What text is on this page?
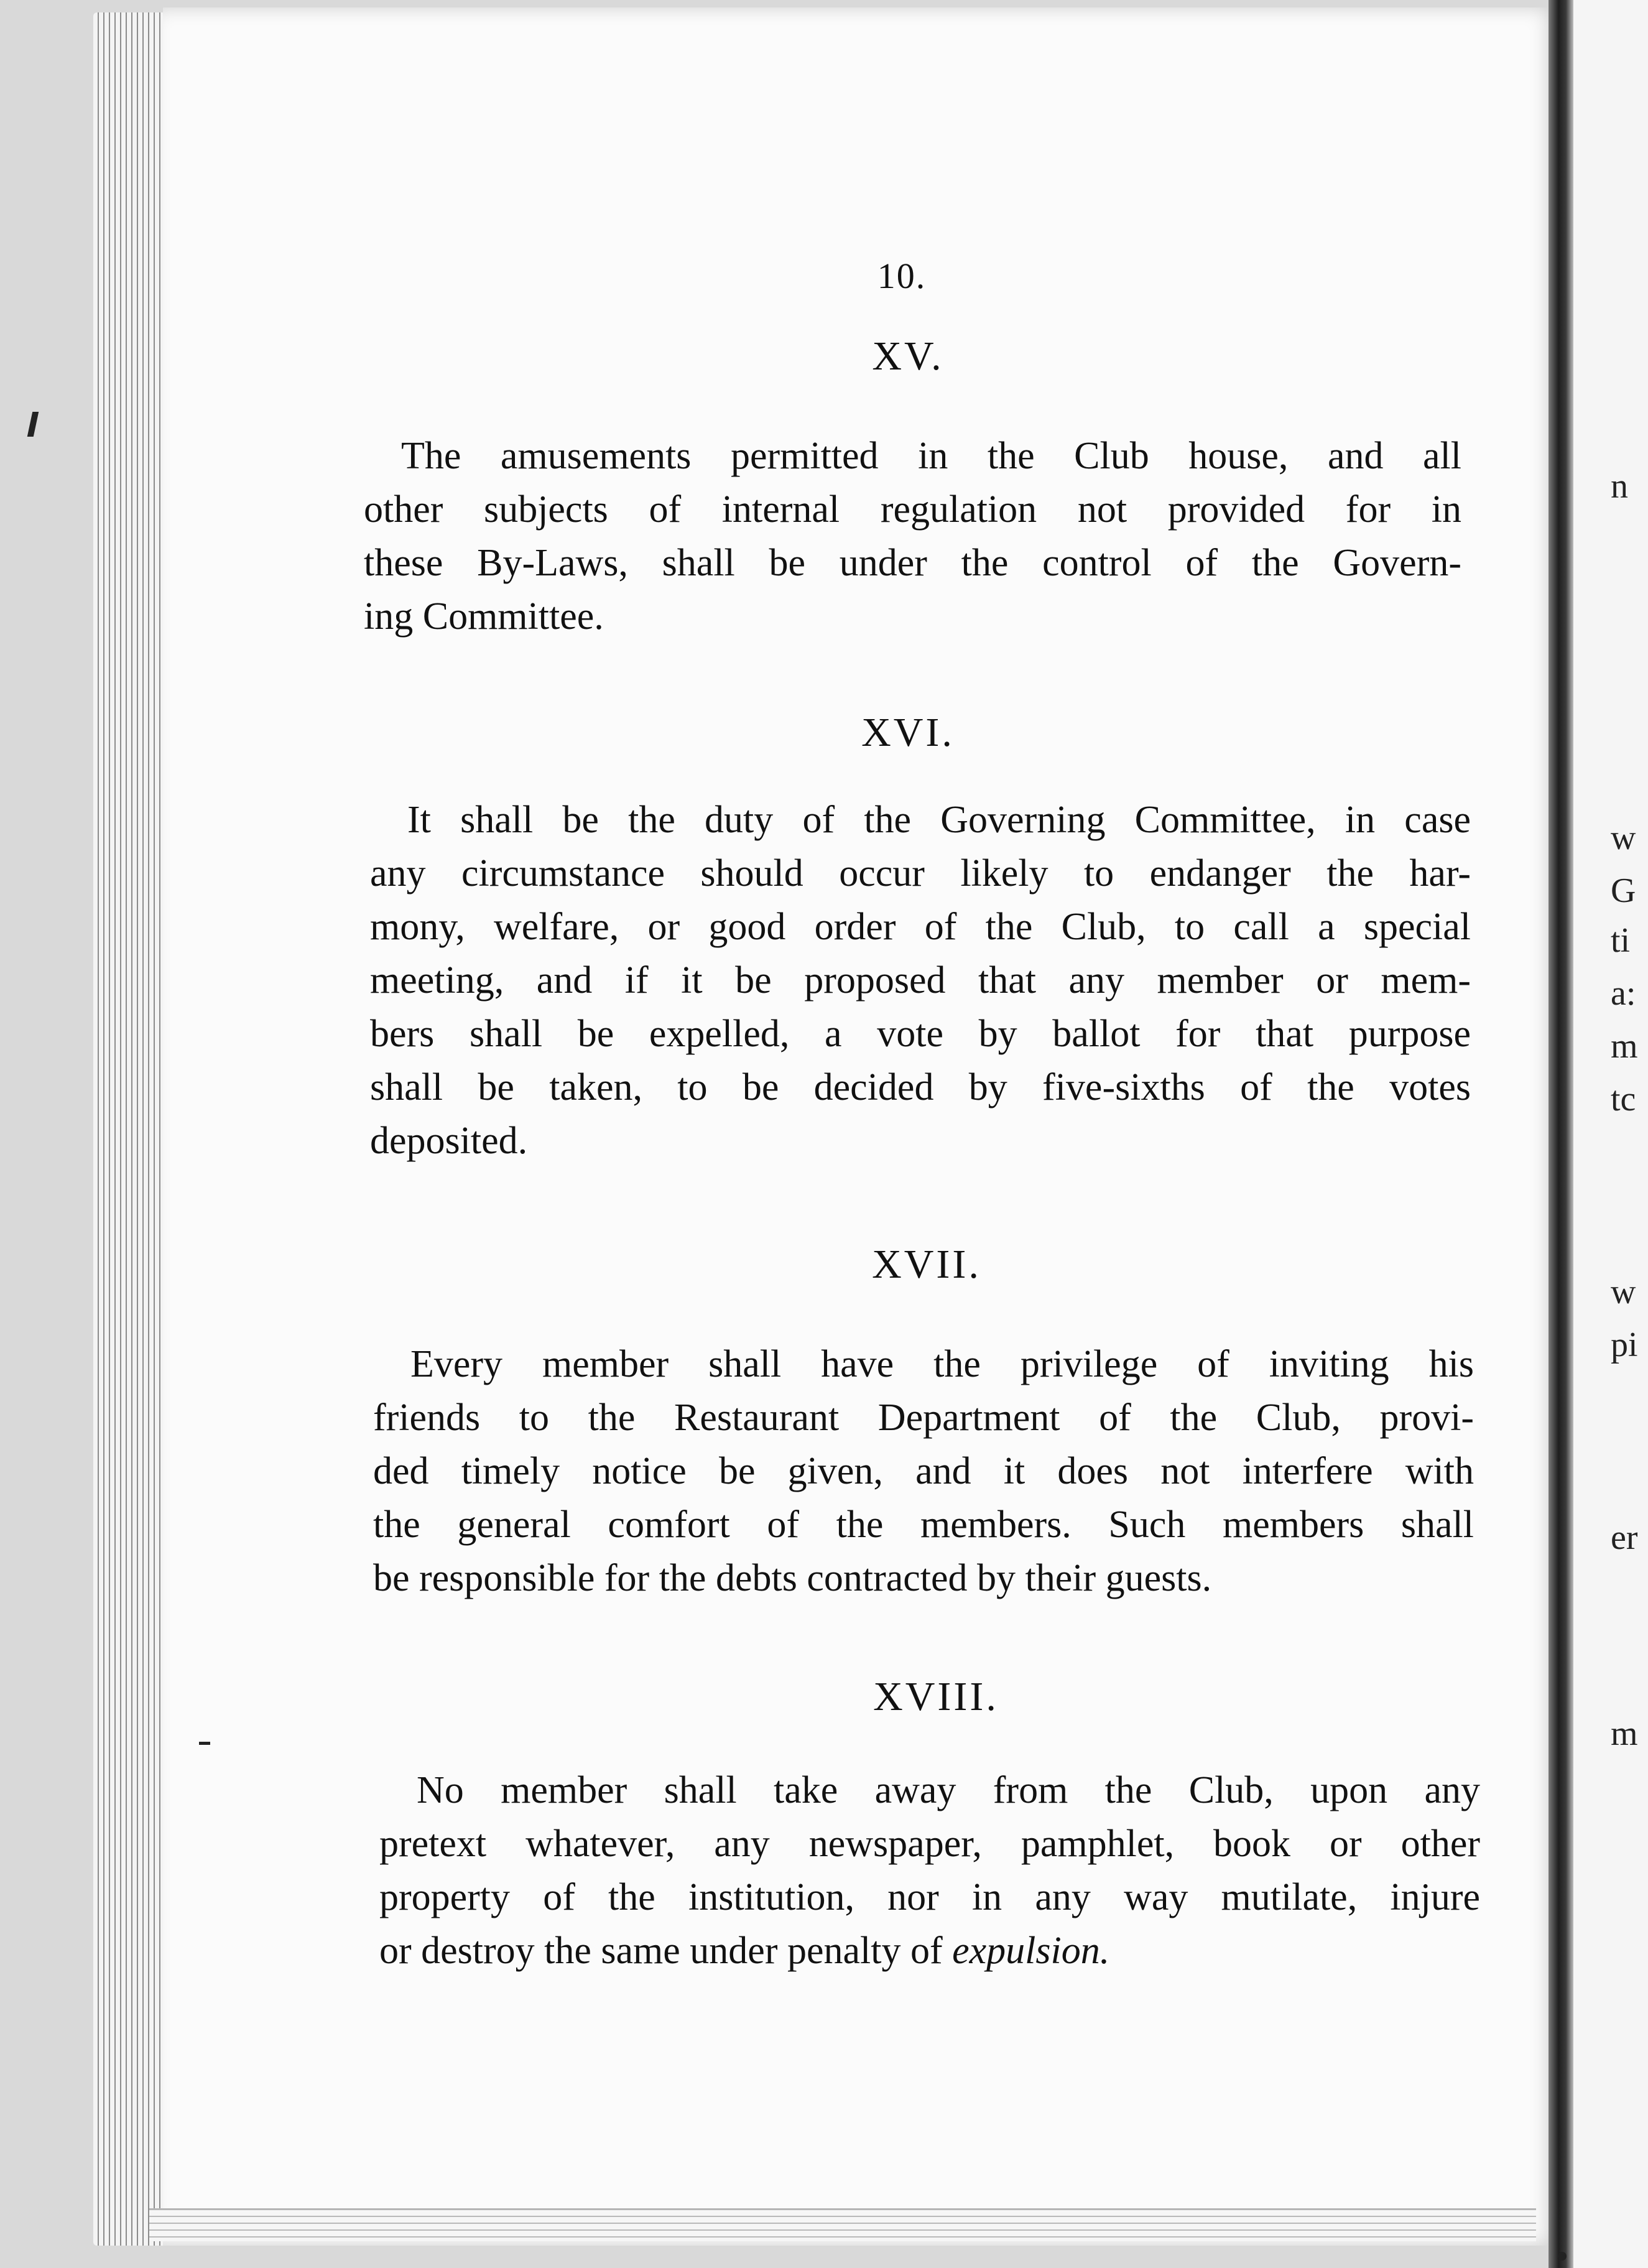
n
w
G
ti
a:
m
tc
w
pi
er
m
10.
XV.
The amusements permitted in the Club house, and all
other subjects of internal regulation not provided for in
these By-Laws, shall be under the control of the Govern-
ing Committee.
XVI.
It shall be the duty of the Governing Committee, in case
any circumstance should occur likely to endanger the har-
mony, welfare, or good order of the Club, to call a special
meeting, and if it be proposed that any member or mem-
bers shall be expelled, a vote by ballot for that purpose
shall be taken, to be decided by five-sixths of the votes
deposited.
XVII.
Every member shall have the privilege of inviting his
friends to the Restaurant Department of the Club, provi-
ded timely notice be given, and it does not interfere with
the general comfort of the members. Such members shall
be responsible for the debts contracted by their guests.
XVIII.
No member shall take away from the Club, upon any
pretext whatever, any newspaper, pamphlet, book or other
property of the institution, nor in any way mutilate, injure
or destroy the same under penalty of expulsion.
